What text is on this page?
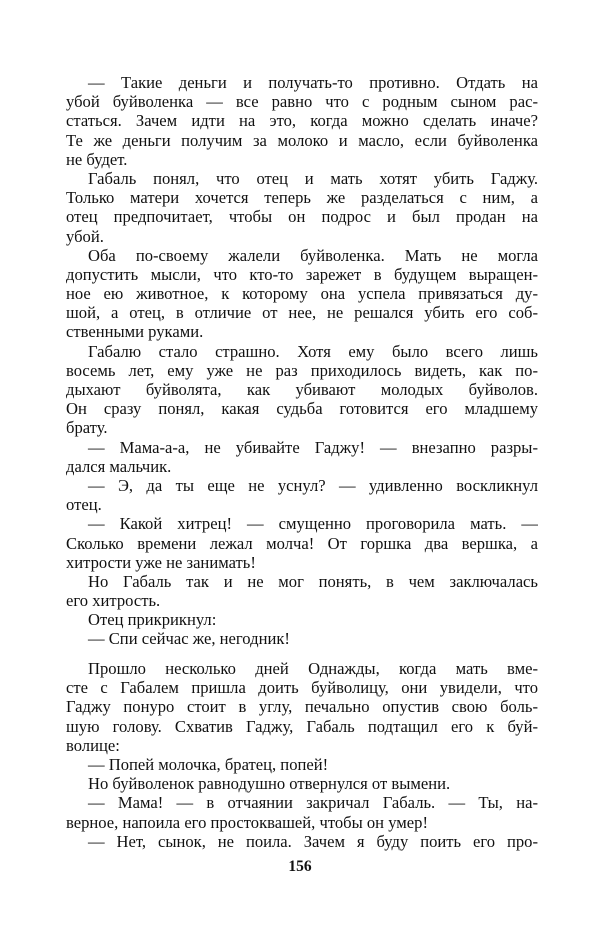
— Такие деньги и получать-то противно. Отдать на
убой буйволенка — все равно что с родным сыном рас-
статься. Зачем идти на это, когда можно сделать иначе?
Те же деньги получим за молоко и масло, если буйволенка
не будет.
Габаль понял, что отец и мать хотят убить Гаджу.
Только матери хочется теперь же разделаться с ним, а
отец предпочитает, чтобы он подрос и был продан на
убой.
Оба по-своему жалели буйволенка. Мать не могла
допустить мысли, что кто-то зарежет в будущем выращен-
ное ею животное, к которому она успела привязаться ду-
шой, а отец, в отличие от нее, не решался убить его соб-
ственными руками.
Габалю стало страшно. Хотя ему было всего лишь
восемь лет, ему уже не раз приходилось видеть, как по-
дыхают буйволята, как убивают молодых буйволов.
Он сразу понял, какая судьба готовится его младшему
брату.
— Мама-а-а, не убивайте Гаджу! — внезапно разры-
дался мальчик.
— Э, да ты еще не уснул? — удивленно воскликнул
отец.
— Какой хитрец! — смущенно проговорила мать. —
Сколько времени лежал молча! От горшка два вершка, а
хитрости уже не занимать!
Но Габаль так и не мог понять, в чем заключалась
его хитрость.
Отец прикрикнул:
— Спи сейчас же, негодник!
Прошло несколько дней Однажды, когда мать вме-
сте с Габалем пришла доить буйволицу, они увидели, что
Гаджу понуро стоит в углу, печально опустив свою боль-
шую голову. Схватив Гаджу, Габаль подтащил его к буй-
волице:
— Попей молочка, братец, попей!
Но буйволенок равнодушно отвернулся от вымени.
— Мама! — в отчаянии закричал Габаль. — Ты, на-
верное, напоила его простоквашей, чтобы он умер!
— Нет, сынок, не поила. Зачем я буду поить его про-
156
